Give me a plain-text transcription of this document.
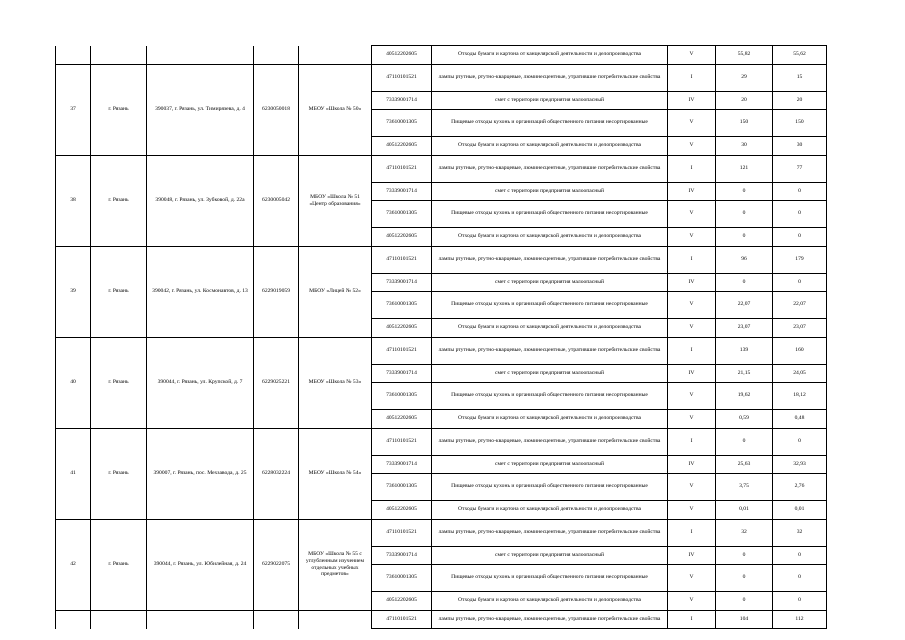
					40512202605	Отходы бумаги и картона от канцелярской деятельности и делопроизводства	V	55,82	55,62
37	г. Рязань	390037, г. Рязань, ул. Тимирязева, д. 4	6230050018	МБОУ «Школа № 50»	47110101521	лампы ртутные, ртутно-кварцевые, люминесцентные, утратившие потребительские свойства	I	29	15
					73339001714	смет с территории предприятия малоопасный	IV	20	20
					73610001305	Пищевые отходы кухонь и организаций общественного питания несортированные	V	150	150
					40512202605	Отходы бумаги и картона от канцелярской деятельности и делопроизводства	V	30	30
38	г. Рязань	390048, г. Рязань, ул. Зубковой, д. 22а	6230005042	МБОУ «Школа № 51 «Центр образования»	47110101521	лампы ртутные, ртутно-кварцевые, люминесцентные, утратившие потребительские свойства	I	121	77
					73339001714	смет с территории предприятия малоопасный	IV	0	0
					73610001305	Пищевые отходы кухонь и организаций общественного питания несортированные	V	0	0
					40512202605	Отходы бумаги и картона от канцелярской деятельности и делопроизводства	V	0	0
39	г. Рязань	390042, г. Рязань, ул. Космонавтов, д. 13	6229019059	МБОУ «Лицей № 52»	47110101521	лампы ртутные, ртутно-кварцевые, люминесцентные, утратившие потребительские свойства	I	96	179
					73339001714	смет с территории предприятия малоопасный	IV	0	0
					73610001305	Пищевые отходы кухонь и организаций общественного питания несортированные	V	22,07	22,07
					40512202605	Отходы бумаги и картона от канцелярской деятельности и делопроизводства	V	23,07	23,07
40	г. Рязань	390044, г. Рязань, ул. Крупской, д. 7	6229025221	МБОУ «Школа № 53»	47110101521	лампы ртутные, ртутно-кварцевые, люминесцентные, утратившие потребительские свойства	I	139	160
					73339001714	смет с территории предприятия малоопасный	IV	21,15	24,05
					73610001305	Пищевые отходы кухонь и организаций общественного питания несортированные	V	19,62	18,12
					40512202605	Отходы бумаги и картона от канцелярской деятельности и делопроизводства	V	0,59	0,48
41	г. Рязань	390007, г. Рязань, пос. Мехзавода, д. 25	6228032224	МБОУ «Школа № 54»	47110101521	лампы ртутные, ртутно-кварцевые, люминесцентные, утратившие потребительские свойства	I	0	0
					73339001714	смет с территории предприятия малоопасный	IV	25,63	32,93
					73610001305	Пищевые отходы кухонь и организаций общественного питания несортированные	V	3,75	2,76
					40512202605	Отходы бумаги и картона от канцелярской деятельности и делопроизводства	V	0,01	0,01
42	г. Рязань	390044, г. Рязань, ул. Юбилейная, д. 24	6229022075	МБОУ «Школа № 55 с углубленным изучением отдельных учебных предметов»	47110101521	лампы ртутные, ртутно-кварцевые, люминесцентные, утратившие потребительские свойства	I	32	32
					73339001714	смет с территории предприятия малоопасный	IV	0	0
					73610001305	Пищевые отходы кухонь и организаций общественного питания несортированные	V	0	0
					40512202605	Отходы бумаги и картона от канцелярской деятельности и делопроизводства	V	0	0
					47110101521	лампы ртутные, ртутно-кварцевые, люминесцентные, утратившие потребительские свойства	I	104	112
